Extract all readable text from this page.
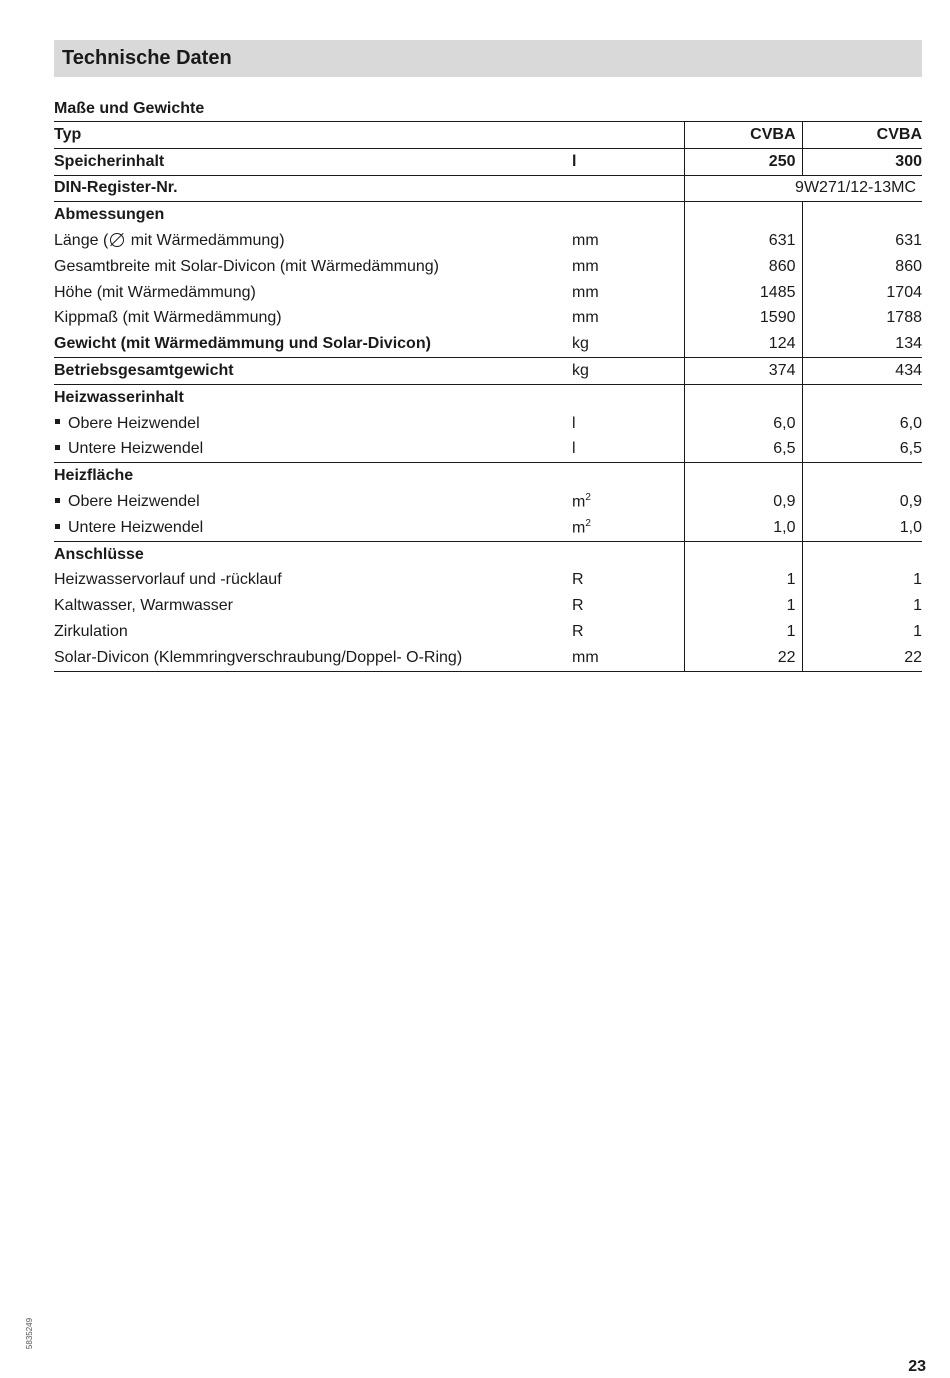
Technische Daten
Maße und Gewichte
Typ		CVBA	CVBA
Speicherinhalt	l	250	300
DIN-Register-Nr.		9W271/12-13MC	
Abmessungen			
Länge ( mit Wärmedämmung)	mm	631	631
Gesamtbreite mit Solar-Divicon (mit Wärmedämmung)	mm	860	860
Höhe (mit Wärmedämmung)	mm	1485	1704
Kippmaß (mit Wärmedämmung)	mm	1590	1788
Gewicht (mit Wärmedämmung und Solar-Divicon)	kg	124	134
Betriebsgesamtgewicht	kg	374	434
Heizwasserinhalt			
Obere Heizwendel	l	6,0	6,0
Untere Heizwendel	l	6,5	6,5
Heizfläche			
Obere Heizwendel	$m^2$	0,9	0,9
Untere Heizwendel	$m^2$	1,0	1,0
Anschlüsse			
Heizwasservorlauf und -rücklauf	R	1	1
Kaltwasser, Warmwasser	R	1	1
Zirkulation	R	1	1
Solar-Divicon (Klemmringverschraubung/Doppel- O-Ring)	mm	22	22
5835249
23
